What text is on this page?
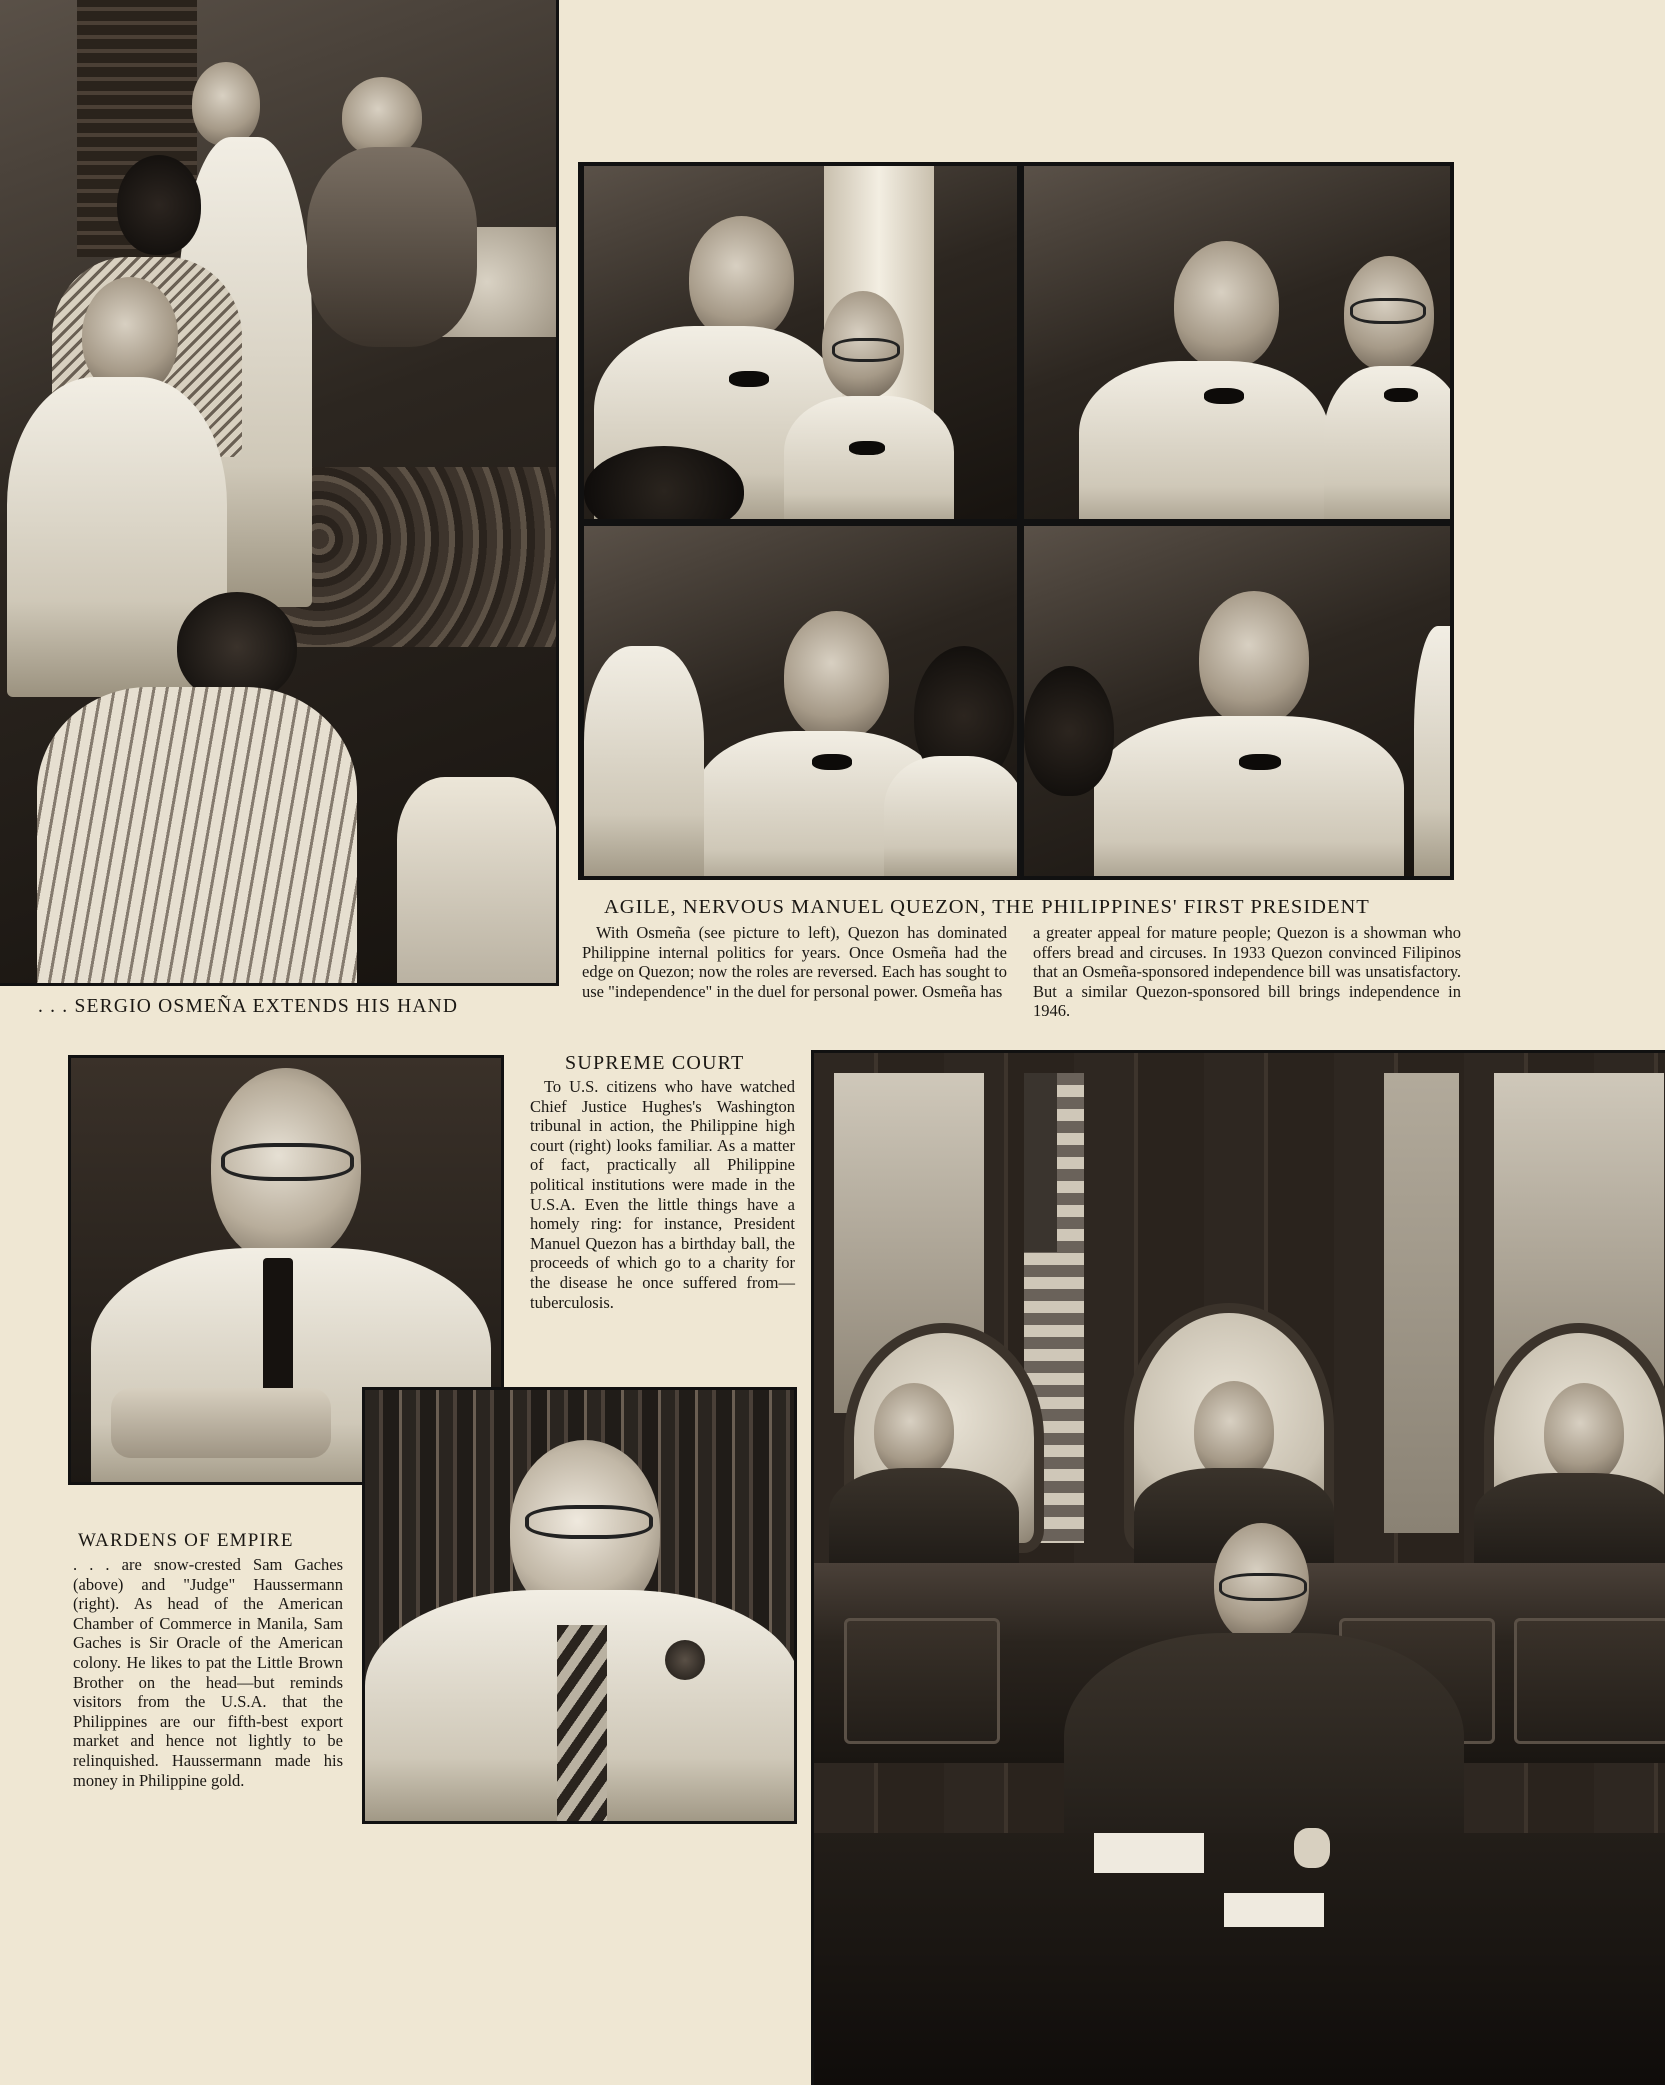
. . . SERGIO OSMEÑA EXTENDS HIS HAND
AGILE, NERVOUS MANUEL QUEZON, THE PHILIPPINES' FIRST PRESIDENT

With Osmeña (see picture to left), Quezon has dominated Philippine internal politics for years. Once Osmeña had the edge on Quezon; now the roles are reversed. Each has sought to use "independence" in the duel for personal power. Osmeña has

a greater appeal for mature people; Quezon is a showman who offers bread and circuses. In 1933 Quezon convinced Filipinos that an Osmeña-sponsored independence bill was unsatisfactory. But a similar Quezon-sponsored bill brings independence in 1946.

SUPREME COURT

To U.S. citizens who have watched Chief Justice Hughes's Washington tribunal in action, the Philippine high court (right) looks familiar. As a matter of fact, practically all Philippine political institutions were made in the U.S.A. Even the little things have a homely ring: for instance, President Manuel Quezon has a birthday ball, the proceeds of which go to a charity for the disease he once suffered from—tuberculosis.

WARDENS OF EMPIRE

. . . are snow-crested Sam Gaches (above) and "Judge" Haussermann (right). As head of the American Chamber of Commerce in Manila, Sam Gaches is Sir Oracle of the American colony. He likes to pat the Little Brown Brother on the head—but reminds visitors from the U.S.A. that the Philippines are our fifth-best export market and hence not lightly to be relinquished. Haussermann made his money in Philippine gold.
